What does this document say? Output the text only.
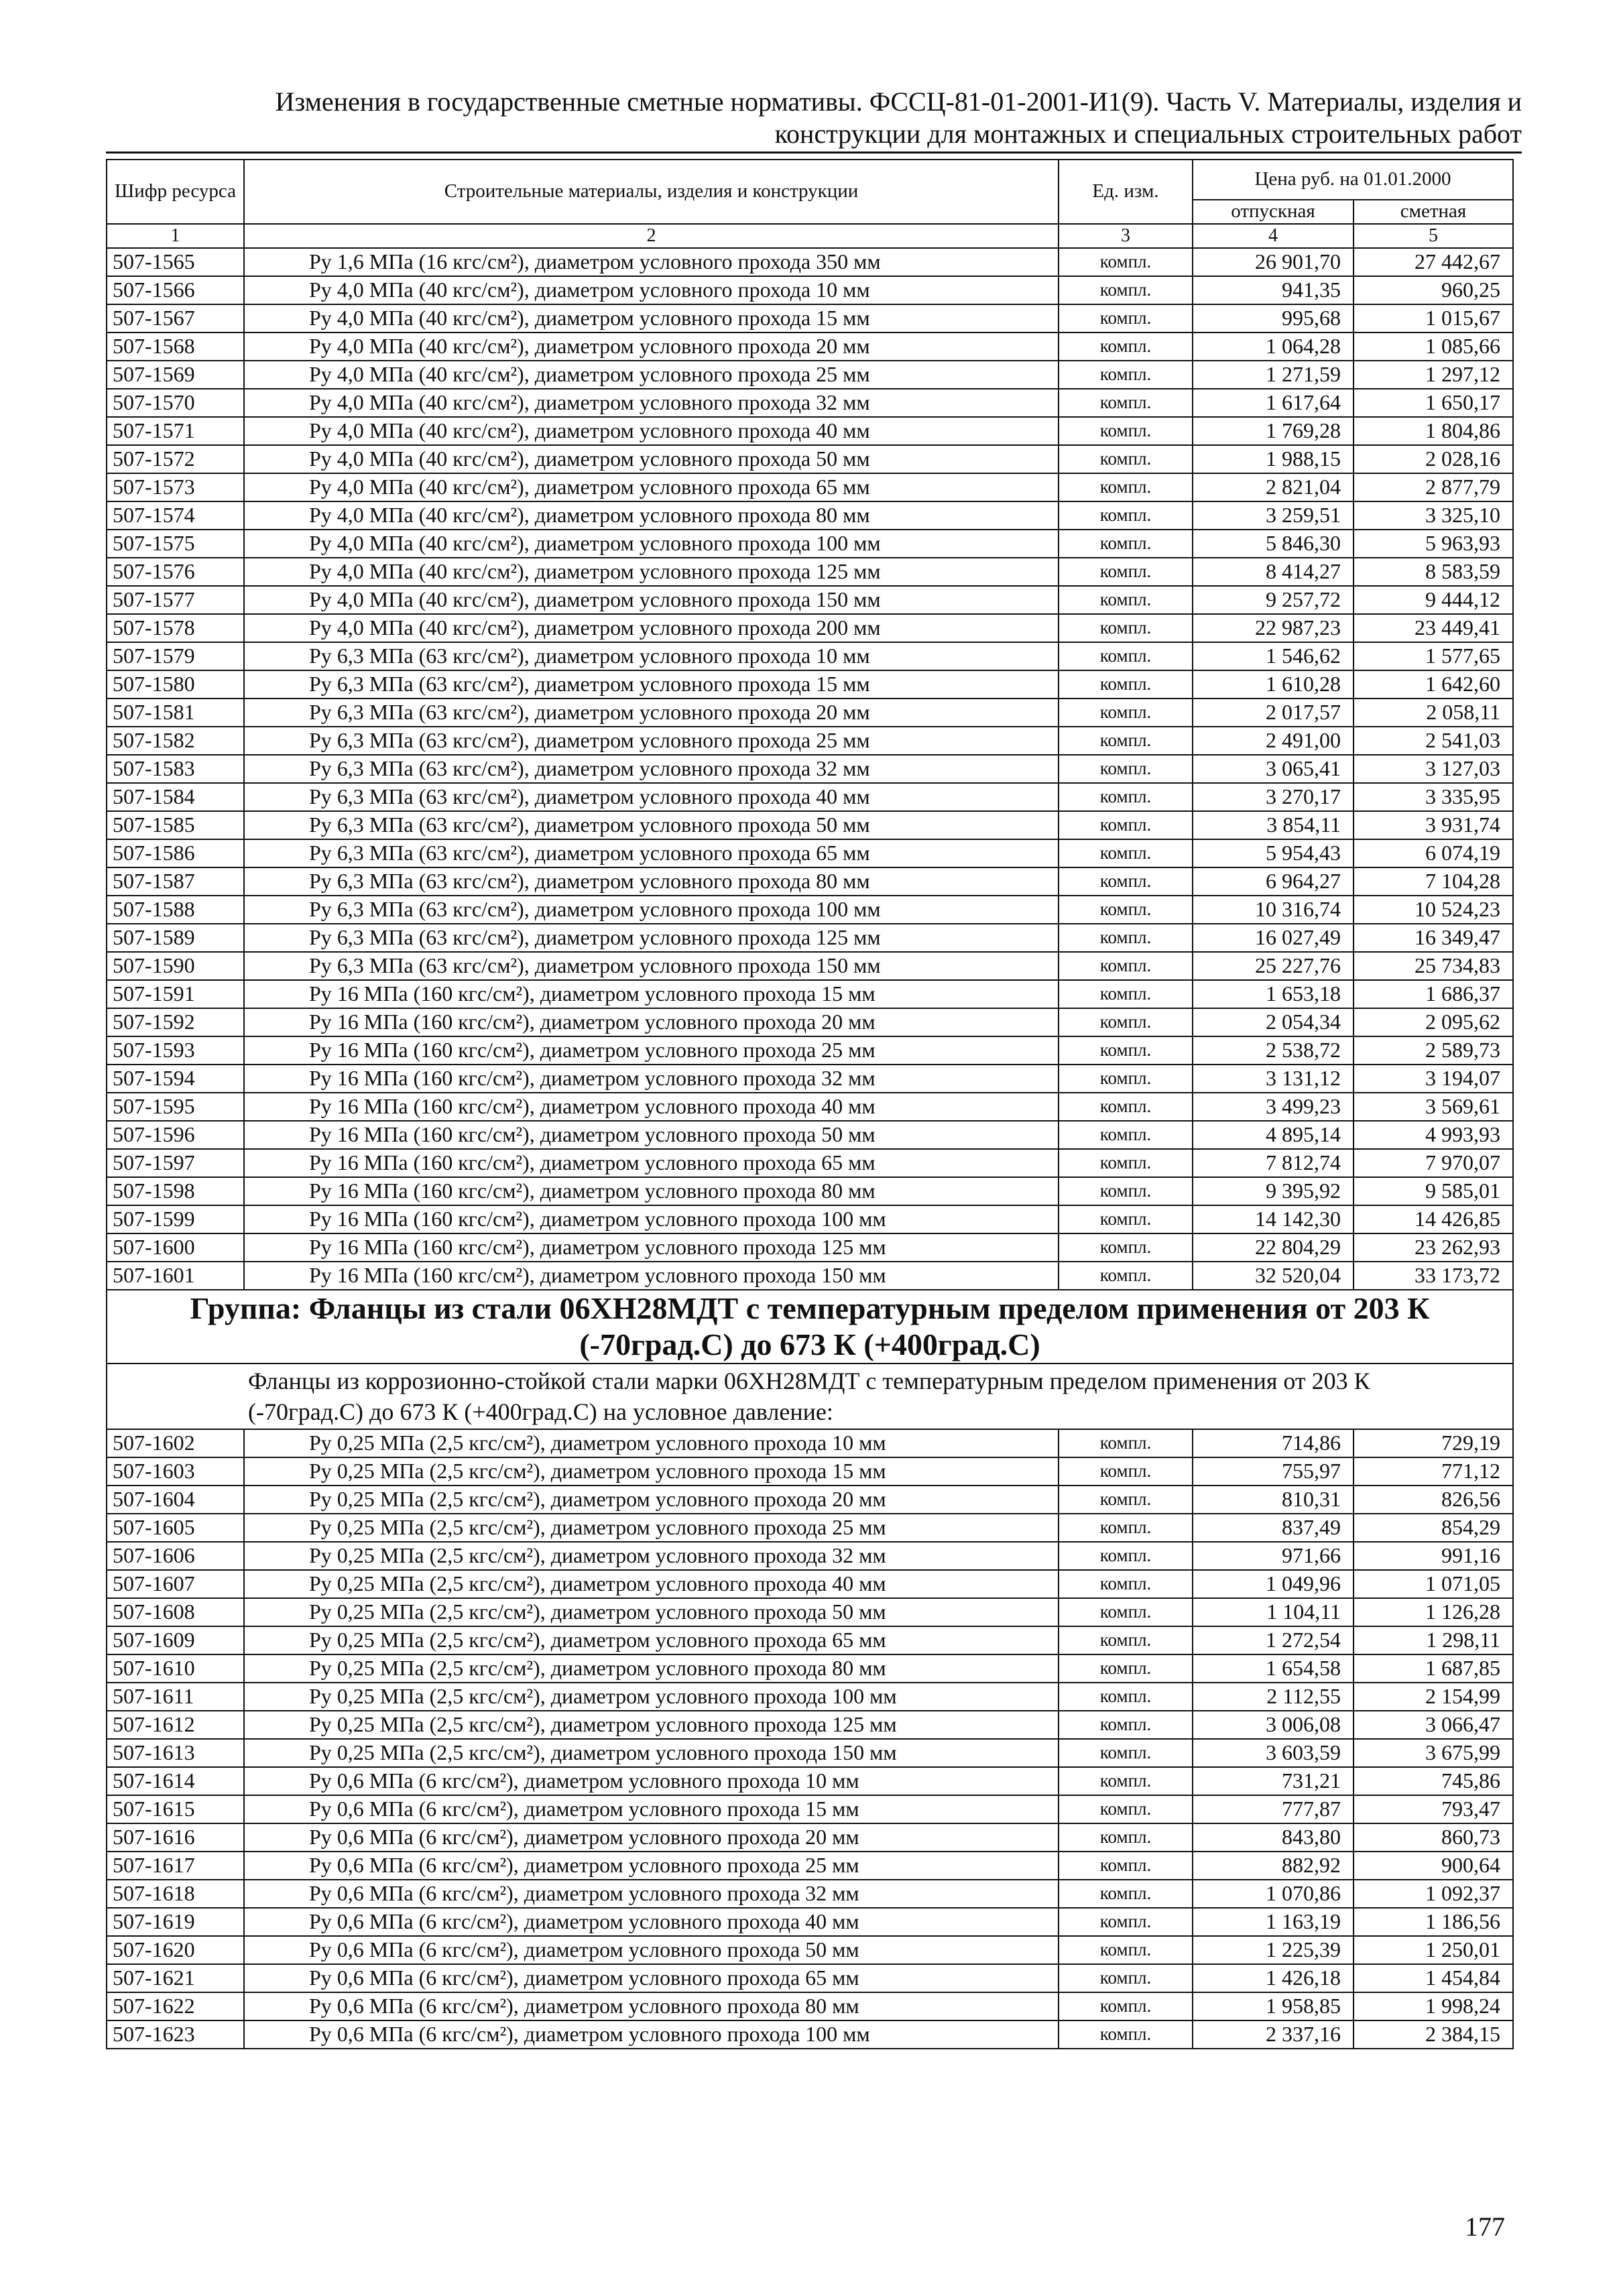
Изменения в государственные сметные нормативы. ФССЦ-81-01-2001-И1(9). Часть V. Материалы, изделия и
конструкции для монтажных и специальных строительных работ
Шифр ресурса	Строительные материалы, изделия и конструкции	Ед. изм.	Цена руб. на 01.01.2000	
			отпускная	сметная
1	2	3	4	5
507-1565	Ру 1,6 МПа (16 кгс/см²), диаметром условного прохода 350 мм	компл.	26 901,70	27 442,67
507-1566	Ру 4,0 МПа (40 кгс/см²), диаметром условного прохода 10 мм	компл.	941,35	960,25
507-1567	Ру 4,0 МПа (40 кгс/см²), диаметром условного прохода 15 мм	компл.	995,68	1 015,67
507-1568	Ру 4,0 МПа (40 кгс/см²), диаметром условного прохода 20 мм	компл.	1 064,28	1 085,66
507-1569	Ру 4,0 МПа (40 кгс/см²), диаметром условного прохода 25 мм	компл.	1 271,59	1 297,12
507-1570	Ру 4,0 МПа (40 кгс/см²), диаметром условного прохода 32 мм	компл.	1 617,64	1 650,17
507-1571	Ру 4,0 МПа (40 кгс/см²), диаметром условного прохода 40 мм	компл.	1 769,28	1 804,86
507-1572	Ру 4,0 МПа (40 кгс/см²), диаметром условного прохода 50 мм	компл.	1 988,15	2 028,16
507-1573	Ру 4,0 МПа (40 кгс/см²), диаметром условного прохода 65 мм	компл.	2 821,04	2 877,79
507-1574	Ру 4,0 МПа (40 кгс/см²), диаметром условного прохода 80 мм	компл.	3 259,51	3 325,10
507-1575	Ру 4,0 МПа (40 кгс/см²), диаметром условного прохода 100 мм	компл.	5 846,30	5 963,93
507-1576	Ру 4,0 МПа (40 кгс/см²), диаметром условного прохода 125 мм	компл.	8 414,27	8 583,59
507-1577	Ру 4,0 МПа (40 кгс/см²), диаметром условного прохода 150 мм	компл.	9 257,72	9 444,12
507-1578	Ру 4,0 МПа (40 кгс/см²), диаметром условного прохода 200 мм	компл.	22 987,23	23 449,41
507-1579	Ру 6,3 МПа (63 кгс/см²), диаметром условного прохода 10 мм	компл.	1 546,62	1 577,65
507-1580	Ру 6,3 МПа (63 кгс/см²), диаметром условного прохода 15 мм	компл.	1 610,28	1 642,60
507-1581	Ру 6,3 МПа (63 кгс/см²), диаметром условного прохода 20 мм	компл.	2 017,57	2 058,11
507-1582	Ру 6,3 МПа (63 кгс/см²), диаметром условного прохода 25 мм	компл.	2 491,00	2 541,03
507-1583	Ру 6,3 МПа (63 кгс/см²), диаметром условного прохода 32 мм	компл.	3 065,41	3 127,03
507-1584	Ру 6,3 МПа (63 кгс/см²), диаметром условного прохода 40 мм	компл.	3 270,17	3 335,95
507-1585	Ру 6,3 МПа (63 кгс/см²), диаметром условного прохода 50 мм	компл.	3 854,11	3 931,74
507-1586	Ру 6,3 МПа (63 кгс/см²), диаметром условного прохода 65 мм	компл.	5 954,43	6 074,19
507-1587	Ру 6,3 МПа (63 кгс/см²), диаметром условного прохода 80 мм	компл.	6 964,27	7 104,28
507-1588	Ру 6,3 МПа (63 кгс/см²), диаметром условного прохода 100 мм	компл.	10 316,74	10 524,23
507-1589	Ру 6,3 МПа (63 кгс/см²), диаметром условного прохода 125 мм	компл.	16 027,49	16 349,47
507-1590	Ру 6,3 МПа (63 кгс/см²), диаметром условного прохода 150 мм	компл.	25 227,76	25 734,83
507-1591	Ру 16 МПа (160 кгс/см²), диаметром условного прохода 15 мм	компл.	1 653,18	1 686,37
507-1592	Ру 16 МПа (160 кгс/см²), диаметром условного прохода 20 мм	компл.	2 054,34	2 095,62
507-1593	Ру 16 МПа (160 кгс/см²), диаметром условного прохода 25 мм	компл.	2 538,72	2 589,73
507-1594	Ру 16 МПа (160 кгс/см²), диаметром условного прохода 32 мм	компл.	3 131,12	3 194,07
507-1595	Ру 16 МПа (160 кгс/см²), диаметром условного прохода 40 мм	компл.	3 499,23	3 569,61
507-1596	Ру 16 МПа (160 кгс/см²), диаметром условного прохода 50 мм	компл.	4 895,14	4 993,93
507-1597	Ру 16 МПа (160 кгс/см²), диаметром условного прохода 65 мм	компл.	7 812,74	7 970,07
507-1598	Ру 16 МПа (160 кгс/см²), диаметром условного прохода 80 мм	компл.	9 395,92	9 585,01
507-1599	Ру 16 МПа (160 кгс/см²), диаметром условного прохода 100 мм	компл.	14 142,30	14 426,85
507-1600	Ру 16 МПа (160 кгс/см²), диаметром условного прохода 125 мм	компл.	22 804,29	23 262,93
507-1601	Ру 16 МПа (160 кгс/см²), диаметром условного прохода 150 мм	компл.	32 520,04	33 173,72
Группа: Фланцы из стали 06ХН28МДТ с температурным пределом применения от 203 К (-70град.С) до 673 К (+400град.С)				
Фланцы из коррозионно-стойкой стали марки 06ХН28МДТ с температурным пределом применения от 203 К (-70град.С) до 673 К (+400град.С) на условное давление:				
507-1602	Ру 0,25 МПа (2,5 кгс/см²), диаметром условного прохода 10 мм	компл.	714,86	729,19
507-1603	Ру 0,25 МПа (2,5 кгс/см²), диаметром условного прохода 15 мм	компл.	755,97	771,12
507-1604	Ру 0,25 МПа (2,5 кгс/см²), диаметром условного прохода 20 мм	компл.	810,31	826,56
507-1605	Ру 0,25 МПа (2,5 кгс/см²), диаметром условного прохода 25 мм	компл.	837,49	854,29
507-1606	Ру 0,25 МПа (2,5 кгс/см²), диаметром условного прохода 32 мм	компл.	971,66	991,16
507-1607	Ру 0,25 МПа (2,5 кгс/см²), диаметром условного прохода 40 мм	компл.	1 049,96	1 071,05
507-1608	Ру 0,25 МПа (2,5 кгс/см²), диаметром условного прохода 50 мм	компл.	1 104,11	1 126,28
507-1609	Ру 0,25 МПа (2,5 кгс/см²), диаметром условного прохода 65 мм	компл.	1 272,54	1 298,11
507-1610	Ру 0,25 МПа (2,5 кгс/см²), диаметром условного прохода 80 мм	компл.	1 654,58	1 687,85
507-1611	Ру 0,25 МПа (2,5 кгс/см²), диаметром условного прохода 100 мм	компл.	2 112,55	2 154,99
507-1612	Ру 0,25 МПа (2,5 кгс/см²), диаметром условного прохода 125 мм	компл.	3 006,08	3 066,47
507-1613	Ру 0,25 МПа (2,5 кгс/см²), диаметром условного прохода 150 мм	компл.	3 603,59	3 675,99
507-1614	Ру 0,6 МПа (6 кгс/см²), диаметром условного прохода 10 мм	компл.	731,21	745,86
507-1615	Ру 0,6 МПа (6 кгс/см²), диаметром условного прохода 15 мм	компл.	777,87	793,47
507-1616	Ру 0,6 МПа (6 кгс/см²), диаметром условного прохода 20 мм	компл.	843,80	860,73
507-1617	Ру 0,6 МПа (6 кгс/см²), диаметром условного прохода 25 мм	компл.	882,92	900,64
507-1618	Ру 0,6 МПа (6 кгс/см²), диаметром условного прохода 32 мм	компл.	1 070,86	1 092,37
507-1619	Ру 0,6 МПа (6 кгс/см²), диаметром условного прохода 40 мм	компл.	1 163,19	1 186,56
507-1620	Ру 0,6 МПа (6 кгс/см²), диаметром условного прохода 50 мм	компл.	1 225,39	1 250,01
507-1621	Ру 0,6 МПа (6 кгс/см²), диаметром условного прохода 65 мм	компл.	1 426,18	1 454,84
507-1622	Ру 0,6 МПа (6 кгс/см²), диаметром условного прохода 80 мм	компл.	1 958,85	1 998,24
507-1623	Ру 0,6 МПа (6 кгс/см²), диаметром условного прохода 100 мм	компл.	2 337,16	2 384,15
177
